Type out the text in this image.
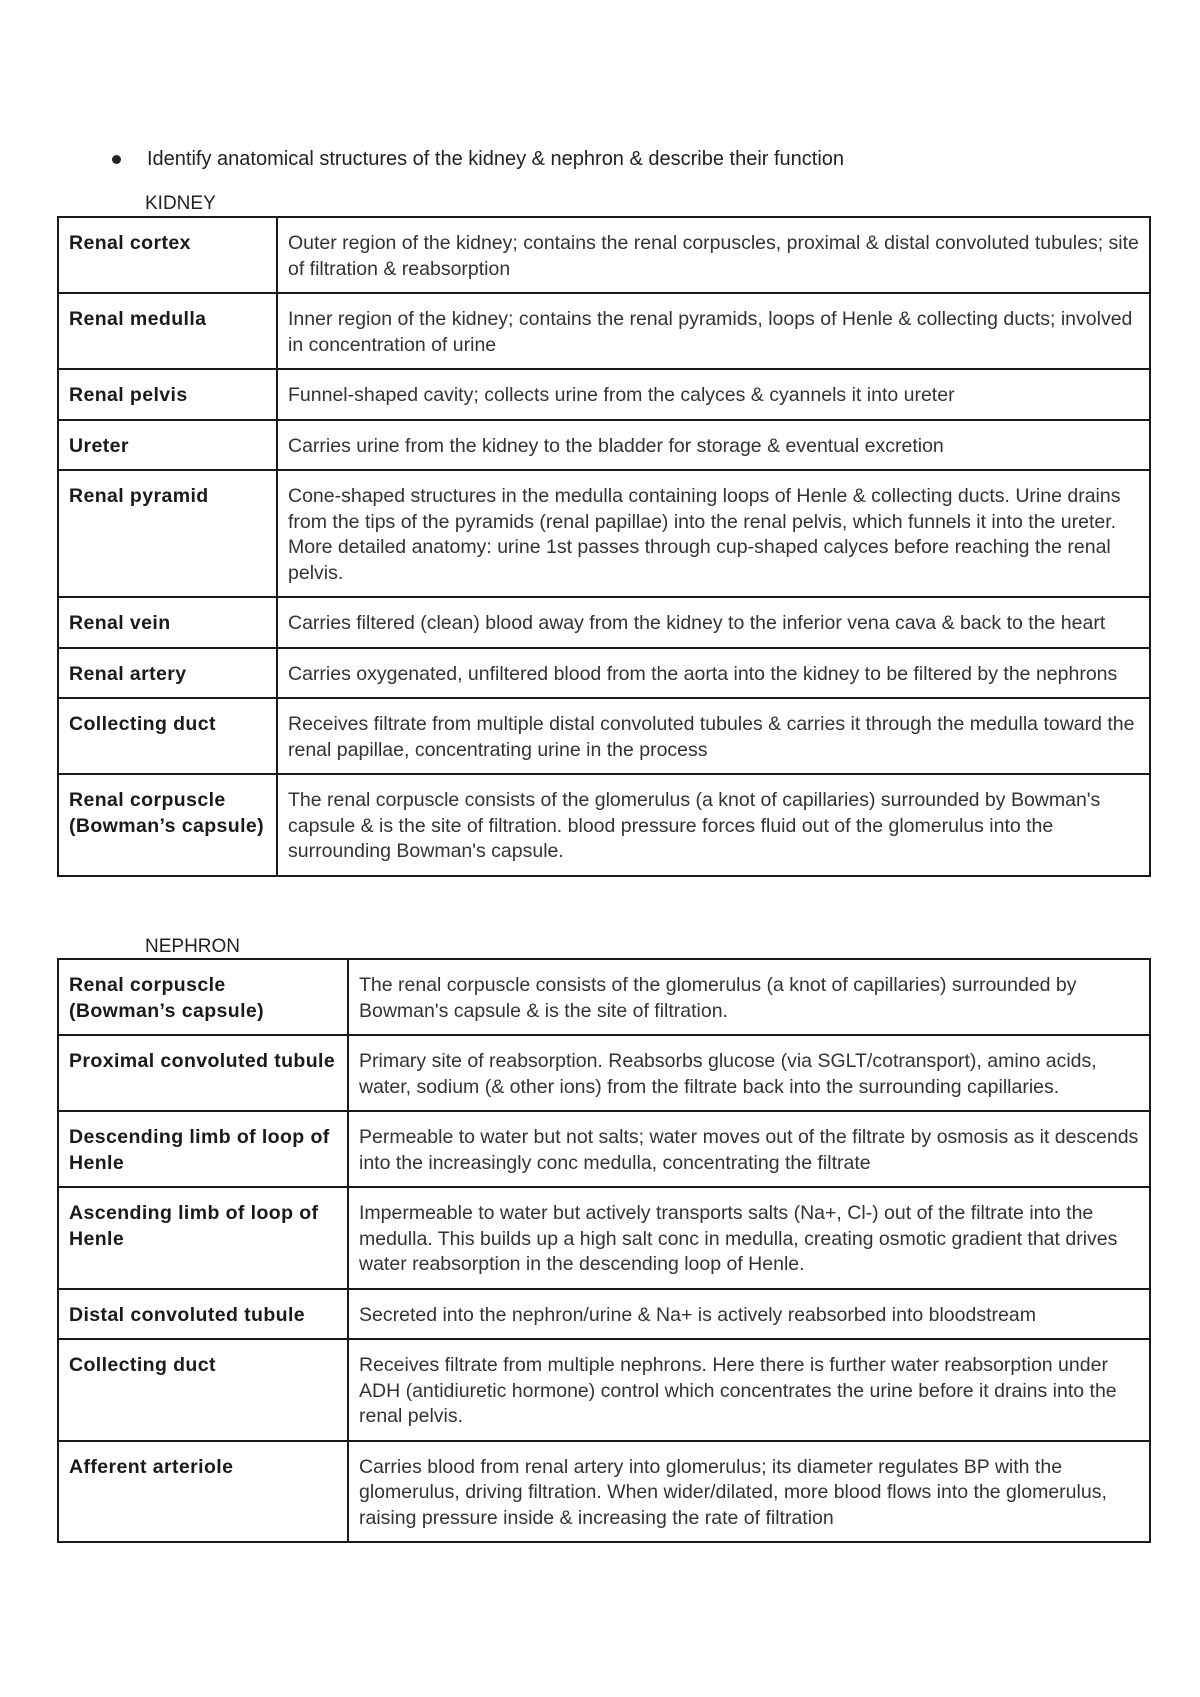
Identify anatomical structures of the kidney & nephron & describe their function
KIDNEY
Renal cortex	Outer region of the kidney; contains the renal corpuscles, proximal & distal convoluted tubules; site of filtration & reabsorption
Renal medulla	Inner region of the kidney; contains the renal pyramids, loops of Henle & collecting ducts; involved in concentration of urine
Renal pelvis	Funnel-shaped cavity; collects urine from the calyces & cyannels it into ureter
Ureter	Carries urine from the kidney to the bladder for storage & eventual excretion
Renal pyramid	Cone-shaped structures in the medulla containing loops of Henle & collecting ducts. Urine drains from the tips of the pyramids (renal papillae) into the renal pelvis, which funnels it into the ureter. More detailed anatomy: urine 1st passes through cup-shaped calyces before reaching the renal pelvis.
Renal vein	Carries filtered (clean) blood away from the kidney to the inferior vena cava & back to the heart
Renal artery	Carries oxygenated, unfiltered blood from the aorta into the kidney to be filtered by the nephrons
Collecting duct	Receives filtrate from multiple distal convoluted tubules & carries it through the medulla toward the renal papillae, concentrating urine in the process
Renal corpuscle (Bowman’s capsule)	The renal corpuscle consists of the glomerulus (a knot of capillaries) surrounded by Bowman's capsule & is the site of filtration. blood pressure forces fluid out of the glomerulus into the surrounding Bowman's capsule.
NEPHRON
Renal corpuscle (Bowman’s capsule)	The renal corpuscle consists of the glomerulus (a knot of capillaries) surrounded by Bowman's capsule & is the site of filtration.
Proximal convoluted tubule	Primary site of reabsorption. Reabsorbs glucose (via SGLT/cotransport), amino acids, water, sodium (& other ions) from the filtrate back into the surrounding capillaries.
Descending limb of loop of Henle	Permeable to water but not salts; water moves out of the filtrate by osmosis as it descends into the increasingly conc medulla, concentrating the filtrate
Ascending limb of loop of Henle	Impermeable to water but actively transports salts (Na+, Cl-) out of the filtrate into the medulla. This builds up a high salt conc in medulla, creating osmotic gradient that drives water reabsorption in the descending loop of Henle.
Distal convoluted tubule	Secreted into the nephron/urine & Na+ is actively reabsorbed into bloodstream
Collecting duct	Receives filtrate from multiple nephrons. Here there is further water reabsorption under ADH (antidiuretic hormone) control which concentrates the urine before it drains into the renal pelvis.
Afferent arteriole	Carries blood from renal artery into glomerulus; its diameter regulates BP with the glomerulus, driving filtration. When wider/dilated, more blood flows into the glomerulus, raising pressure inside & increasing the rate of filtration
